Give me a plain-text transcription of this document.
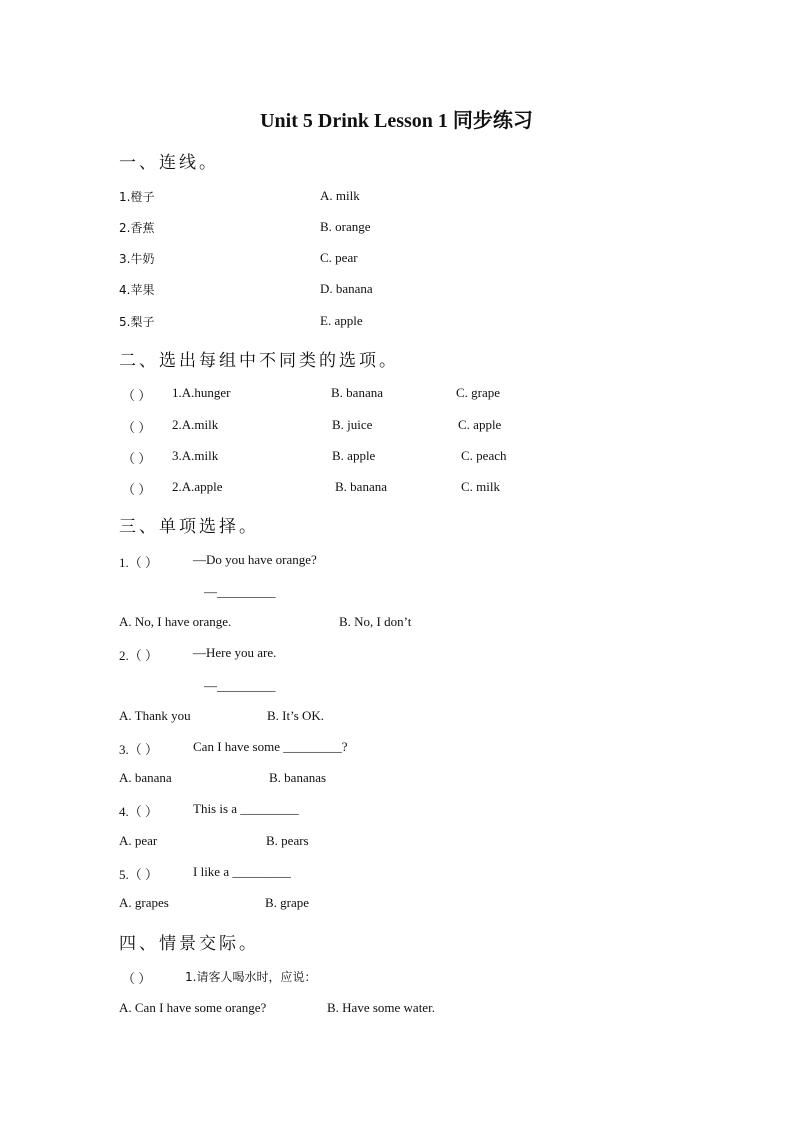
Unit 5 Drink Lesson 1 同步练习
一、连线。
1.橙子	A. milk
2.香蕉	B. orange
3.牛奶	C. pear
4.苹果	D. banana
5.梨子	E. apple
二、选出每组中不同类的选项。
（ ） 1.A.hunger	B. banana	C. grape
（ ） 2.A.milk	B. juice	C. apple
（ ） 3.A.milk	B. apple	C. peach
（ ） 2.A.apple	B. banana	C. milk
三、单项选择。
1.（ ）	—Do you have orange?
—_________
A. No, I have orange.	B. No, I don’t
2.（ ）	—Here you are.
—_________
A. Thank you	B. It’s OK.
3.（ ）	Can I have some _________?
A. banana	B. bananas
4.（ ）	This is a _________
A. pear	B. pears
5.（ ）	I like a _________
A. grapes	B. grape
四、情景交际。
（ ）	1.请客人喝水时，应说：
A. Can I have some orange?	B. Have some water.
